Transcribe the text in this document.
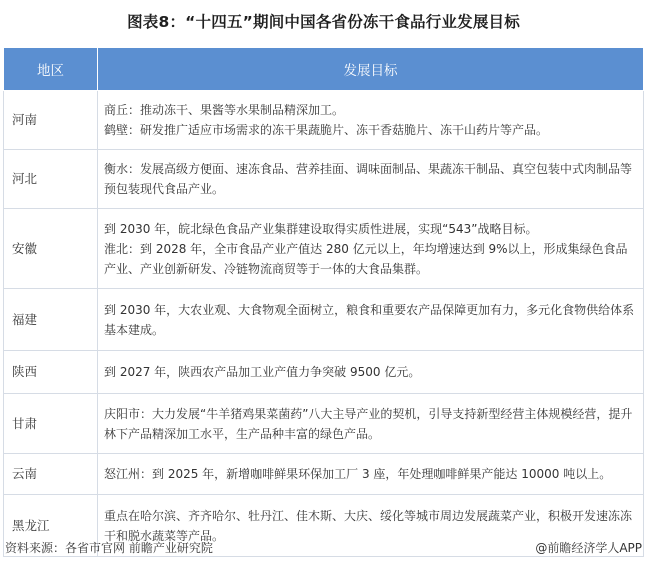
图表8：“十四五”期间中国各省份冻干食品行业发展目标
地区	发展目标
河南	商丘：推动冻干、果酱等水果制品精深加工。
鹤壁：研发推广适应市场需求的冻干果蔬脆片、冻干香菇脆片、冻干山药片等产品。

河北	衡水：发展高级方便面、速冻食品、营养挂面、调味面制品、果蔬冻干制品、真空包装中式肉制品等预包装现代食品产业。

安徽	到 2030 年，皖北绿色食品产业集群建设取得实质性进展，实现“543”战略目标。
淮北：到 2028 年，全市食品产业产值达 280 亿元以上，年均增速达到 9%以上，形成集绿色食品产业、产业创新研发、冷链物流商贸等于一体的大食品集群。

福建	到 2030 年，大农业观、大食物观全面树立，粮食和重要农产品保障更加有力，多元化食物供给体系基本建成。

陕西	到 2027 年，陕西农产品加工业产值力争突破 9500 亿元。

甘肃	庆阳市：大力发展“牛羊猪鸡果菜菌药”八大主导产业的契机，引导支持新型经营主体规模经营，提升林下产品精深加工水平，生产品种丰富的绿色产品。

云南	怒江州：到 2025 年，新增咖啡鲜果环保加工厂 3 座，年处理咖啡鲜果产能达 10000 吨以上。

黑龙江	重点在哈尔滨、齐齐哈尔、牡丹江、佳木斯、大庆、绥化等城市周边发展蔬菜产业，积极开发速冻冻干和脱水蔬菜等产品。
资料来源：各省市官网 前瞻产业研究院	@前瞻经济学人APP
